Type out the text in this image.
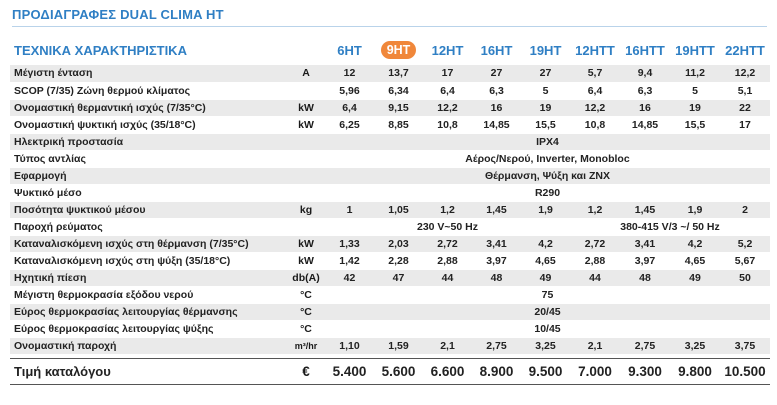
ΠΡΟΔΙΑΓΡΑΦΕΣ DUAL CLIMA HT
ΤΕΧΝΙΚΑ ΧΑΡΑΚΤΗΡΙΣΤΙΚΑ		6HT	9HT	12HT	16HT	19HT	12HTT	16HTT	19HTT	22HTT
Μέγιστη ένταση	A	12	13,7	17	27	27	5,7	9,4	11,2	12,2
SCOP (7/35) Ζώνη θερμού κλίματος		5,96	6,34	6,4	6,3	5	6,4	6,3	5	5,1
Ονομαστική θερμαντική ισχύς (7/35°C)	kW	6,4	9,15	12,2	16	19	12,2	16	19	22
Ονομαστική ψυκτική ισχύς (35/18°C)	kW	6,25	8,85	10,8	14,85	15,5	10,8	14,85	15,5	17
Ηλεκτρική προστασία		IPX4								
Τύπος αντλίας		Αέρος/Νερού, Inverter, Monobloc								
Εφαρμογή		Θέρμανση, Ψύξη και ΖΝΧ								
Ψυκτικό μέσο		R290								
Ποσότητα ψυκτικού μέσου	kg	1	1,05	1,2	1,45	1,9	1,2	1,45	1,9	2
Παροχή ρεύματος		230 V~50 Hz					380-415 V/3 ~/ 50 Hz			
Καταναλισκόμενη ισχύς στη θέρμανση (7/35°C)	kW	1,33	2,03	2,72	3,41	4,2	2,72	3,41	4,2	5,2
Καταναλισκόμενη ισχύς στη ψύξη (35/18°C)	kW	1,42	2,28	2,88	3,97	4,65	2,88	3,97	4,65	5,67
Ηχητική πίεση	db(A)	42	47	44	48	49	44	48	49	50
Μέγιστη θερμοκρασία εξόδου νερού	°C	75								
Εύρος θερμοκρασίας λειτουργίας θέρμανσης	°C	20/45								
Εύρος θερμοκρασίας λειτουργίας ψύξης	°C	10/45								
Ονομαστική παροχή	m³/hr	1,10	1,59	2,1	2,75	3,25	2,1	2,75	3,25	3,75

Τιμή καταλόγου	€	5.400	5.600	6.600	8.900	9.500	7.000	9.300	9.800	10.500
